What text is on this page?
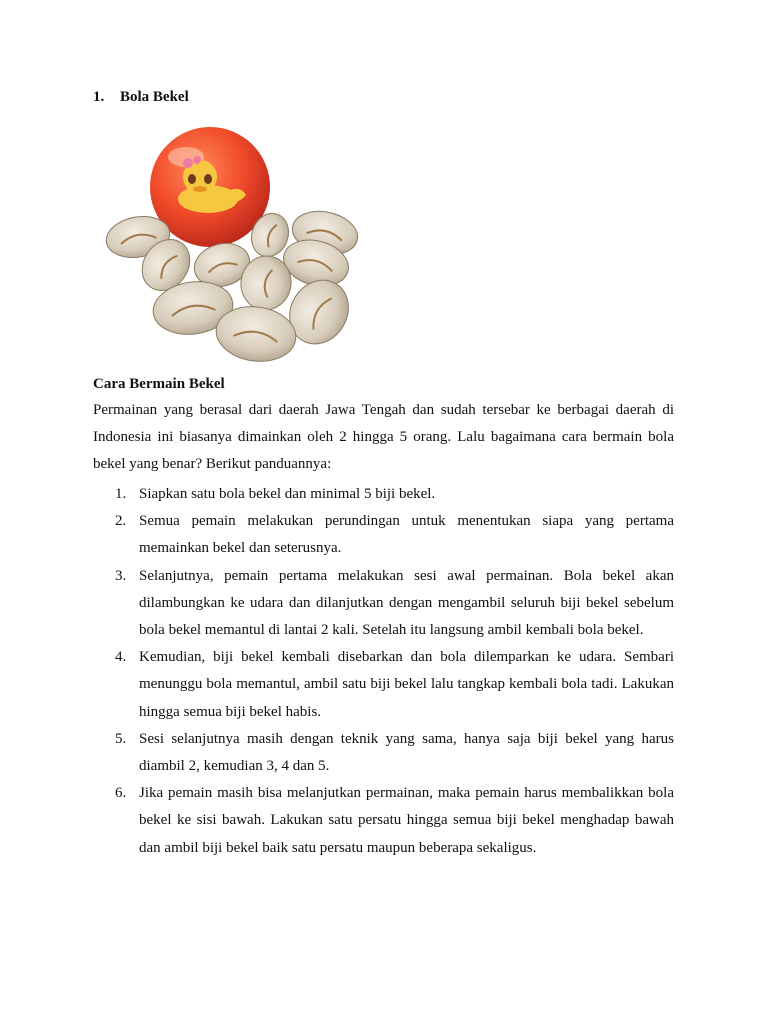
1. Bola Bekel
Cara Bermain Bekel

Permainan yang berasal dari daerah Jawa Tengah dan sudah tersebar ke berbagai daerah di Indonesia ini biasanya dimainkan oleh 2 hingga 5 orang. Lalu bagaimana cara bermain bola bekel yang benar? Berikut panduannya:

1. Siapkan satu bola bekel dan minimal 5 biji bekel.
2. Semua pemain melakukan perundingan untuk menentukan siapa yang pertama memainkan bekel dan seterusnya.
3. Selanjutnya, pemain pertama melakukan sesi awal permainan. Bola bekel akan dilambungkan ke udara dan dilanjutkan dengan mengambil seluruh biji bekel sebelum bola bekel memantul di lantai 2 kali. Setelah itu langsung ambil kembali bola bekel.
4. Kemudian, biji bekel kembali disebarkan dan bola dilemparkan ke udara. Sembari menunggu bola memantul, ambil satu biji bekel lalu tangkap kembali bola tadi. Lakukan hingga semua biji bekel habis.
5. Sesi selanjutnya masih dengan teknik yang sama, hanya saja biji bekel yang harus diambil 2, kemudian 3, 4 dan 5.
6. Jika pemain masih bisa melanjutkan permainan, maka pemain harus membalikkan bola bekel ke sisi bawah. Lakukan satu persatu hingga semua biji bekel menghadap bawah dan ambil biji bekel baik satu persatu maupun beberapa sekaligus.
